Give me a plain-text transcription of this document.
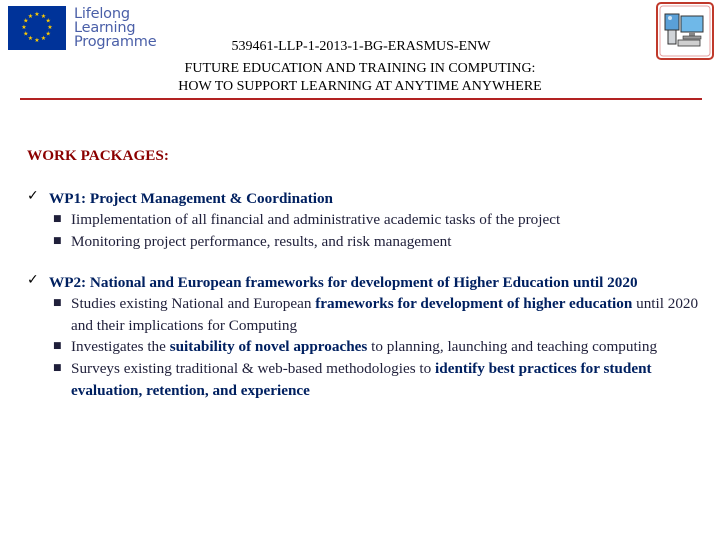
★ ★
★
★
★
★
★
★
★
★
★
★	Lifelong
Learning
Programme	539461-LLP-1-2013-1-BG-ERASMUS-ENW
FUTURE EDUCATION AND TRAINING IN COMPUTING:
HOW TO SUPPORT LEARNING AT ANYTIME ANYWHERE
WORK PACKAGES:
✓ WP1: Project Management & Coordination
■ Iimplementation of all financial and administrative academic tasks of the project
■ Monitoring project performance, results, and risk management
✓ WP2: National and European frameworks for development of Higher Education until 2020
■ Studies existing National and European frameworks for development of higher education until 2020 and their implications for Computing
■ Investigates the suitability of novel approaches to planning, launching and teaching computing
■ Surveys existing traditional & web-based methodologies to identify best practices for student evaluation, retention, and experience
